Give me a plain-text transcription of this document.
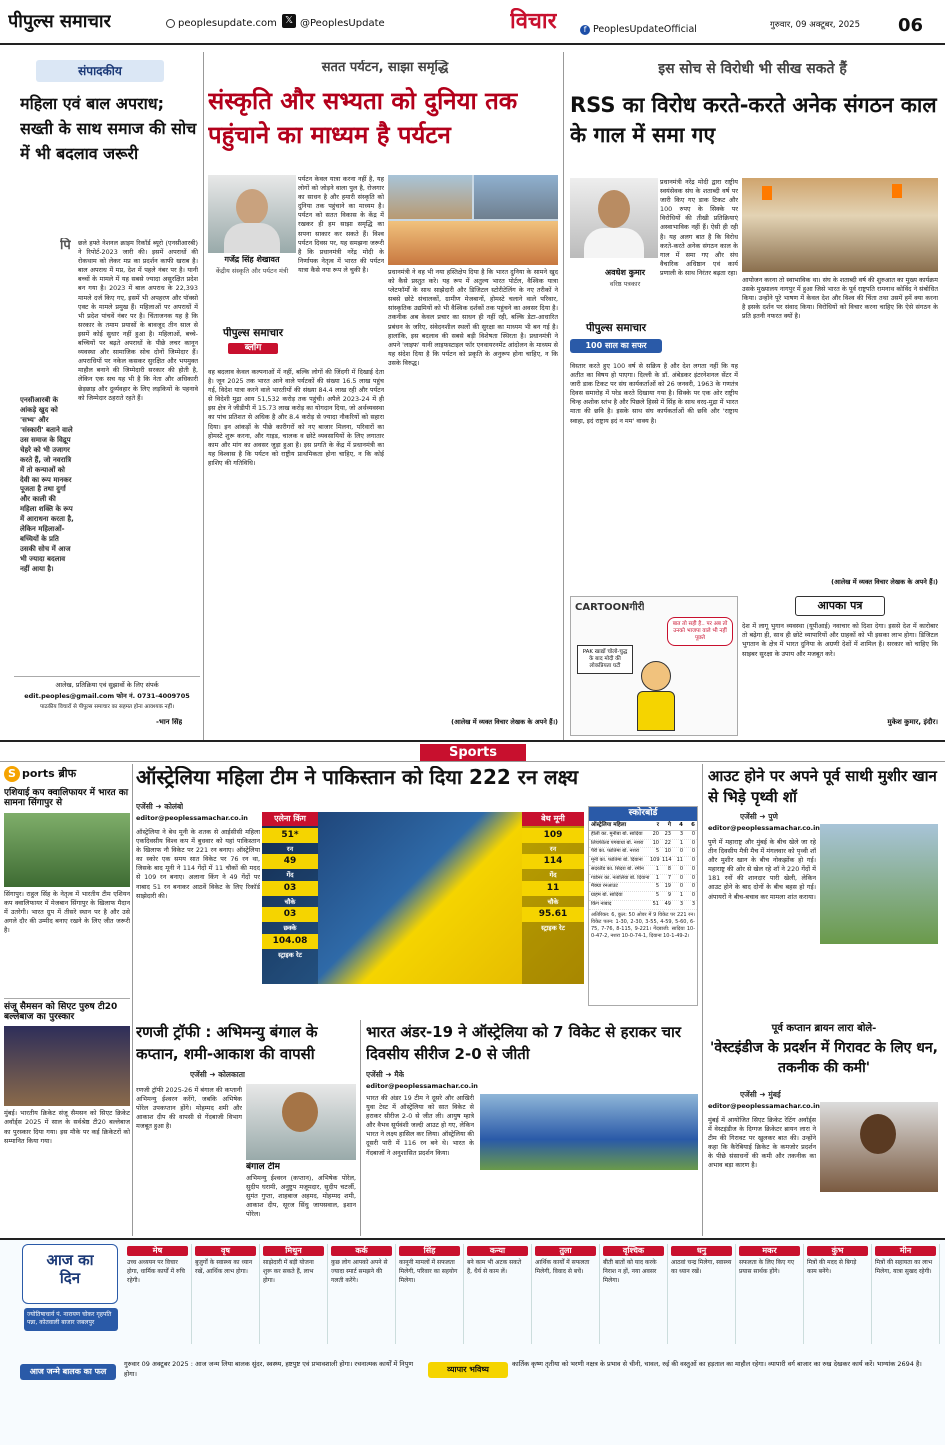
पीपुल्स समाचार	peoplesupdate.com 𝕏 @PeoplesUpdate	विचार	f PeoplesUpdateOfficial	गुरुवार, 09 अक्टूबर, 2025 06
संपादकीय
महिला एवं बाल अपराध; सख्ती के साथ समाज की सोच में भी बदलाव जरूरी
पि छले हफ्ते नेशनल क्राइम रिकॉर्ड ब्यूरो (एनसीआरबी) ने रिपोर्ट-2023 जारी की। इसमें अपराधों की रोकथाम को लेकर मप्र का प्रदर्शन काफी खराब है। बाल अपराध में मप्र, देश में पहले नंबर पर है। यानी बच्चों के मामले में यह सबसे ज्यादा असुरक्षित प्रदेश बन गया है। 2023 में बाल अपराध के 22,393 मामले दर्ज किए गए, इसमें भी अपहरण और पॉक्सो एक्ट के मामले प्रमुख हैं। महिलाओं पर अपराधों में भी प्रदेश पांचवें नंबर पर है। चिंताजनक यह है कि सरकार के तमाम प्रयासों के बावजूद तीन साल से इसमें कोई सुधार नहीं हुआ है। महिलाओं, बच्चे-बच्चियों पर बढ़ते अपराधों के पीछे लचर कानून व्यवस्था और सामाजिक सोच दोनों जिम्मेदार हैं। अपराधियों पर नकेल कसकर सुरक्षित और भयमुक्त माहौल बनाने की जिम्मेदारी सरकार की होती है, लेकिन एक सच यह भी है कि नेता और अधिकारी छेड़छाड़ और दुर्व्यवहार के लिए लड़कियों के पहनावे को जिम्मेदार ठहराते रहते हैं।
एनसीआरबी के आंकड़े खुद को 'सभ्य' और 'संस्कारी' बताने वाले उस समाज के विद्रूप चेहरे को भी उजागर करते हैं, जो नवरात्रि में तो कन्याओं को देवी का रूप मानकर पूजता है तथा दुर्गा और काली की महिला शक्ति के रूप में आराधना करता है, लेकिन महिलाओं-बच्चियों के प्रति उसकी सोच में आज भी ज्यादा बदलाव नहीं आया है।
-भान सिंह
आलेख, प्रतिक्रिया एवं सुझावों के लिए संपर्क
edit.peoples@gmail.com फोन नं. 0731-4009705
पाठकीय विचारों से पीपुल्स समाचार का सहमत होना आवश्यक नहीं।
सतत पर्यटन, साझा समृद्धि
संस्कृति और सभ्यता को दुनिया तक पहुंचाने का माध्यम है पर्यटन
गजेंद्र सिंह शेखावत
केंद्रीय संस्कृति और पर्यटन मंत्री
पीपुल्स समाचार
ब्लॉग
पर्यटन केवल यात्रा करना नहीं है, यह लोगों को जोड़ने वाला पुल है, रोजगार का साधन है और हमारी संस्कृति को दुनिया तक पहुंचाने का माध्यम है। पर्यटन को सतत विकास के केंद्र में रखकर ही हम साझा समृद्धि का सपना साकार कर सकते हैं। विश्व पर्यटन दिवस पर, यह समझना जरूरी है कि प्रधानमंत्री नरेंद्र मोदी के निर्णायक नेतृत्व में भारत की पर्यटन यात्रा कैसे नया रूप ले चुकी है।
वह बदलाव केवल कल्पनाओं में नहीं, बल्कि लोगों की जिंदगी में दिखाई देता है। जून 2025 तक भारत आने वाले पर्यटकों की संख्या 16.5 लाख पहुंच गई, विदेश यात्रा करने वाले भारतीयों की संख्या 84.4 लाख रही और पर्यटन से विदेशी मुद्रा आय 51,532 करोड़ तक पहुंची। अपैले 2023-24 में ही इस क्षेत्र ने जीडीपी में 15.73 लाख करोड़ का योगदान दिया, जो अर्थव्यवस्था का पांच प्रतिशत से अधिक है और 8.4 करोड़ से ज्यादा नौकरियों को सहारा दिया। इन आंकड़ों के पीछे कारीगरों को नए बाजार मिलना, परिवारों का होमस्टे शुरू करना, और गाइड, चालक व छोटे व्यवसायियों के लिए लगातार काम और मांग का अवसर जुड़ा हुआ है। इस प्रगति के केंद्र में प्रधानमंत्री का यह विश्वास है कि पर्यटन को राष्ट्रीय प्राथमिकता होना चाहिए, न कि कोई हाशिए की गतिविधि।
प्रधानमंत्री ने वह भी नया हस्तिक्षेप दिया है कि भारत दुनिया के सामने खुद को कैसे प्रस्तुत करे। यह रूप में अतुल्य भारत पोर्टल, वैश्विक यात्रा प्लेटफॉर्मों के साथ साझेदारी और डिजिटल स्टोरीटेलिंग के नए तरीकों ने सबसे छोटे संचालकों, ग्रामीण मेजबानों, होमस्टे चलाने वाले परिवार, सांस्कृतिक उद्यमियों को भी वैश्विक दर्शकों तक पहुंचने का अवसर दिया है। तकनीक अब केवल प्रचार का साधन ही नहीं रही, बल्कि डेटा-आधारित प्रबंधन के जरिए, संवेदनशील स्थलों की सुरक्षा का माध्यम भी बन गई है। हालांकि, इस बदलाव की सबसे बड़ी विशेषता स्थिरता है। प्रधानमंत्री ने अपने 'लाइफ' यानी लाइफस्टाइल फॉर एनवायरनमेंट आंदोलन के माध्यम से यह संदेश दिया है कि पर्यटन को प्रकृति के अनुरूप होना चाहिए, न कि उसके विरुद्ध।
(आलेख में व्यक्त विचार लेखक के अपने हैं।)
इस सोच से विरोधी भी सीख सकते हैं
RSS का विरोध करते-करते अनेक संगठन काल के गाल में समा गए
अवधेश कुमार
वरिष्ठ पत्रकार
पीपुल्स समाचार
100 साल का सफर
प्रधानमंत्री नरेंद्र मोदी द्वारा राष्ट्रीय स्वयंसेवक संघ के शताब्दी वर्ष पर जारी किए गए डाक टिकट और 100 रुपए के सिक्के पर विरोधियों की तीखी प्रतिक्रियाएं अस्वाभाविक नहीं हैं। ऐसी ही रही है। यह अलग बात है कि विरोध करते-करते अनेक संगठन काल के गाल में समा गए और संघ वैचारिक अधिष्ठान एवं कार्य प्रणाली के साथ निरंतर बढ़ता रहा।
विस्तार करते हुए 100 वर्ष से सक्रिय है और देश लगता नहीं कि यह अतीत का विषय हो पाएगा। दिल्ली के डॉ. अंबेडकर इंटरनेशनल सेंटर में जारी डाक टिकट पर संघ कार्यकर्ताओं को 26 जनवरी, 1963 के गणतंत्र दिवस समारोह में परेड करते दिखाया गया है। सिक्के पर एक ओर राष्ट्रीय चिन्ह अशोक स्तंभ है और पिछले हिस्से में सिंह के साथ वरद-मुद्रा में भारत माता की छवि है। इसके साथ संघ कार्यकर्ताओं की छवि और 'राष्ट्राय स्वाहा, इदं राष्ट्राय इदं न मम' वाक्य है।
आयोजन करना तो स्वाभाविक था। संघ के शताब्दी वर्ष की शुरुआत का मुख्य कार्यक्रम उसके मुख्यालय नागपुर में हुआ जिसे भारत के पूर्व राष्ट्रपति रामनाथ कोविंद ने संबोधित किया। उन्होंने पूरे भाषण में केवल देश और विश्व की चिंता तथा उसमें हमें क्या करना है इसके दर्शन पर संवाद किया। विरोधियों को विचार करना चाहिए कि ऐसे संगठन के प्रति इतनी नफरत क्यों है।
(आलेख में व्यक्त विचार लेखक के अपने हैं।)
CARTOONगीरी
PAK खाद्यों चोलो-चुद्ध के बाद मोदी की लोकप्रियता घटी
बात तो सही है.. पर अब तो उनको भाजपा वाले भी नहीं पूछते
आपका पत्र
देश में लागू भुगान व्यवस्था (यूपीआई) नवाचार को दिशा देगा। इससे देश में कारोबार तो बढ़ेगा ही, साथ ही छोटे व्यापारियों और ग्राहकों को भी इसका लाभ होगा। डिजिटल भुगतान के क्षेत्र में भारत दुनिया के अग्रणी देशों में शामिल है। सरकार को चाहिए कि साइबर सुरक्षा के उपाय और मजबूत करे।
मुकेश कुमार, इंदौर।
Sports
S ports ब्रीफ
एशियाई कप क्वालिफायर में भारत का सामना सिंगापुर से
सिंगापुर। राहुल सिंह के नेतृत्व में भारतीय टीम एशियन कप क्वालिफायर में मेजबान सिंगापुर के खिलाफ मैदान में उतरेगी। भारत ग्रुप में तीसरे स्थान पर है और उसे अगले दौर की उम्मीद बनाए रखने के लिए जीत जरूरी है।
संजू सैमसन को सिएट पुरुष टी20 बल्लेबाज का पुरस्कार
मुंबई। भारतीय क्रिकेट संजू सैमसन को सिएट क्रिकेट अवॉर्ड्स 2025 में साल के सर्वश्रेष्ठ टी20 बल्लेबाज का पुरस्कार दिया गया। इस मौके पर कई क्रिकेटरों को सम्मानित किया गया।
ऑस्ट्रेलिया महिला टीम ने पाकिस्तान को दिया 222 रन लक्ष्य
एजेंसी ➜ कोलंबो
editor@peoplessamachar.co.in
ऑस्ट्रेलिया ने बेथ मूनी के शतक से आईसीसी महिला एकदिवसीय विश्व कप में बुधवार को यहां पाकिस्तान के खिलाफ नौ विकेट पर 221 रन बनाए। ऑस्ट्रेलिया का स्कोर एक समय सात विकेट पर 76 रन था, जिसके बाद मूनी ने 114 गेंदों में 11 चौकों की मदद से 109 रन बनाए। अलाना किंग ने 49 गेंदों पर नाबाद 51 रन बनाकर आठवें विकेट के लिए रिकॉर्ड साझेदारी की।
एलेना किंग
51*
रन
49
गेंद
03
चौके
03
छक्के
104.08
स्ट्राइक रेट
बेथ मूनी
109
रन
114
गेंद
11
चौके
95.61
स्ट्राइक रेट
स्कोरबोर्ड
ऑस्ट्रेलिया महिला	र	गे	4	6
हीली का. मुनीबा बो. सादिया	20	23	3	0
लिचफील्ड पगबाधा बो. नशरा	10	22	1	0
पैरी का. फातिमा बो. नशरा	5	10	0	0
मूनी का. फातिमा बो. दियाना	109 114	11	0
सदरलैंड का. सिदरा बो. रमीन	1	8	0	0
गार्डनर का. नतालिया बो. दियाना	1	7	0	0
मैक्ग्रा रनआउट	5	19	0	0
ग्राहम बो. सादिया	5	9	1	0
किंग नाबाद	51	49	3	3
अतिरिक्त: 6, कुल: 50 ओवर में 9 विकेट पर 221 रन। विकेट पतन: 1-30, 2-30, 3-55, 4-59, 5-60, 6-75, 7-76, 8-115, 9-221। गेंदबाजी: सादिया 10-0-47-2, नशरा 10-0-74-1, दियाना 10-1-49-2।
आउट होने पर अपने पूर्व साथी मुशीर खान से भिड़े पृथ्वी शॉ
एजेंसी ➜ पुणे
editor@peoplessamachar.co.in
पुणे में महाराष्ट्र और मुंबई के बीच खेले जा रहे तीन दिवसीय मैत्री मैच में मंगलवार को पृथ्वी शॉ और मुशीर खान के बीच नोकझोंक हो गई। महाराष्ट्र की ओर से खेल रहे शॉ ने 220 गेंदों में 181 रनों की शानदार पारी खेली, लेकिन आउट होने के बाद दोनों के बीच बहस हो गई। अंपायरों ने बीच-बचाव कर मामला शांत कराया।
पूर्व कप्तान ब्रायन लारा बोले-
'वेस्टइंडीज के प्रदर्शन में गिरावट के लिए धन, तकनीक की कमी'
एजेंसी ➜ मुंबई
editor@peoplessamachar.co.in
मुंबई में आयोजित सिएट क्रिकेट रेटिंग अवॉर्ड्स में वेस्टइंडीज के दिग्गज क्रिकेटर ब्रायन लारा ने टीम की गिरावट पर खुलकर बात की। उन्होंने कहा कि कैरेबियाई क्रिकेट के कमजोर प्रदर्शन के पीछे संसाधनों की कमी और तकनीक का अभाव बड़ा कारण है।
रणजी ट्रॉफी : अभिमन्यु बंगाल के कप्तान, शमी-आकाश की वापसी
एजेंसी ➜ कोलकाता
रणजी ट्रॉफी 2025-26 में बंगाल की कप्तानी अभिमन्यु ईश्वरन करेंगे, जबकि अभिषेक पोरेल उपकप्तान होंगे। मोहम्मद शमी और आकाश दीप की वापसी से गेंदबाजी विभाग मजबूत हुआ है।
बंगाल टीम
अभिमन्यु ईश्वरन (कप्तान), अभिषेक पोरेल, सुदीप घरामी, अनुष्टुप मजूमदार, सुदीप चटर्जी, सुमंत गुप्ता, शाहबाज अहमद, मोहम्मद शमी, आकाश दीप, सूरज सिंधु जायसवाल, इशान पोरेल।
भारत अंडर-19 ने ऑस्ट्रेलिया को 7 विकेट से हराकर चार दिवसीय सीरीज 2-0 से जीती
एजेंसी ➜ मैके
editor@peoplessamachar.co.in
भारत की अंडर 19 टीम ने दूसरे और आखिरी युवा टेस्ट में ऑस्ट्रेलिया को सात विकेट से हराकर सीरीज 2-0 से जीत ली। आयुष म्हात्रे और वैभव सूर्यवंशी जल्दी आउट हो गए, लेकिन भारत ने लक्ष्य हासिल कर लिया। ऑस्ट्रेलिया की दूसरी पारी में 116 रन बने थे। भारत के गेंदबाजों ने अनुशासित प्रदर्शन किया।
आज का दिन
ज्योतिषाचार्य पं. नारायण चोकर गृहपति पन्ना, कोतवाली बाजार जबलपुर
मेष
उच्च अध्ययन पर विचार होगा, धार्मिक कार्यों में रुचि रहेगी।
वृष
बुजुर्गों के स्वास्थ्य का ध्यान रखें, आर्थिक लाभ होगा।
मिथुन
साझेदारी में बड़ी योजना शुरू कर सकते हैं, लाभ होगा।
कर्क
कुछ लोग आपको अपने से ज्यादा स्मार्ट समझने की गलती करेंगे।
सिंह
कानूनी मामलों में सफलता मिलेगी, परिवार का सहयोग मिलेगा।
कन्या
बने काम भी अटक सकते हैं, धैर्य से काम लें।
तुला
आर्थिक कार्यों में सफलता मिलेगी, विवाद से बचें।
वृश्चिक
बीती बातों को याद करके निराश न हों, नया अवसर मिलेगा।
धनु
आठवां चन्द्र मिलेगा, स्वास्थ्य का ध्यान रखें।
मकर
सफलता के लिए किए गए प्रयास सार्थक होंगे।
कुंभ
मित्रों की मदद से बिगड़े काम बनेंगे।
मीन
मित्रों की सहायता का लाभ मिलेगा, यात्रा सुखद रहेगी।
आज जन्मे बालक का फल
गुरुवार 09 अक्टूबर 2025 : आज जन्म लिया बालक सुंदर, स्वस्थ्य, हष्टपुष्ट एवं प्रभावशाली होगा। रचनात्मक कार्यों में निपुण होगा।	व्यापार भविष्य
कार्तिक कृष्ण तृतीया को भरणी नक्षत्र के प्रभाव से चीनी, चावल, रुई की वस्तुओं का हड़ताल का माहौल रहेगा। व्यापारी वर्ग बाजार का रुख देखकर कार्य करें। भाग्यांक 2694 है।
